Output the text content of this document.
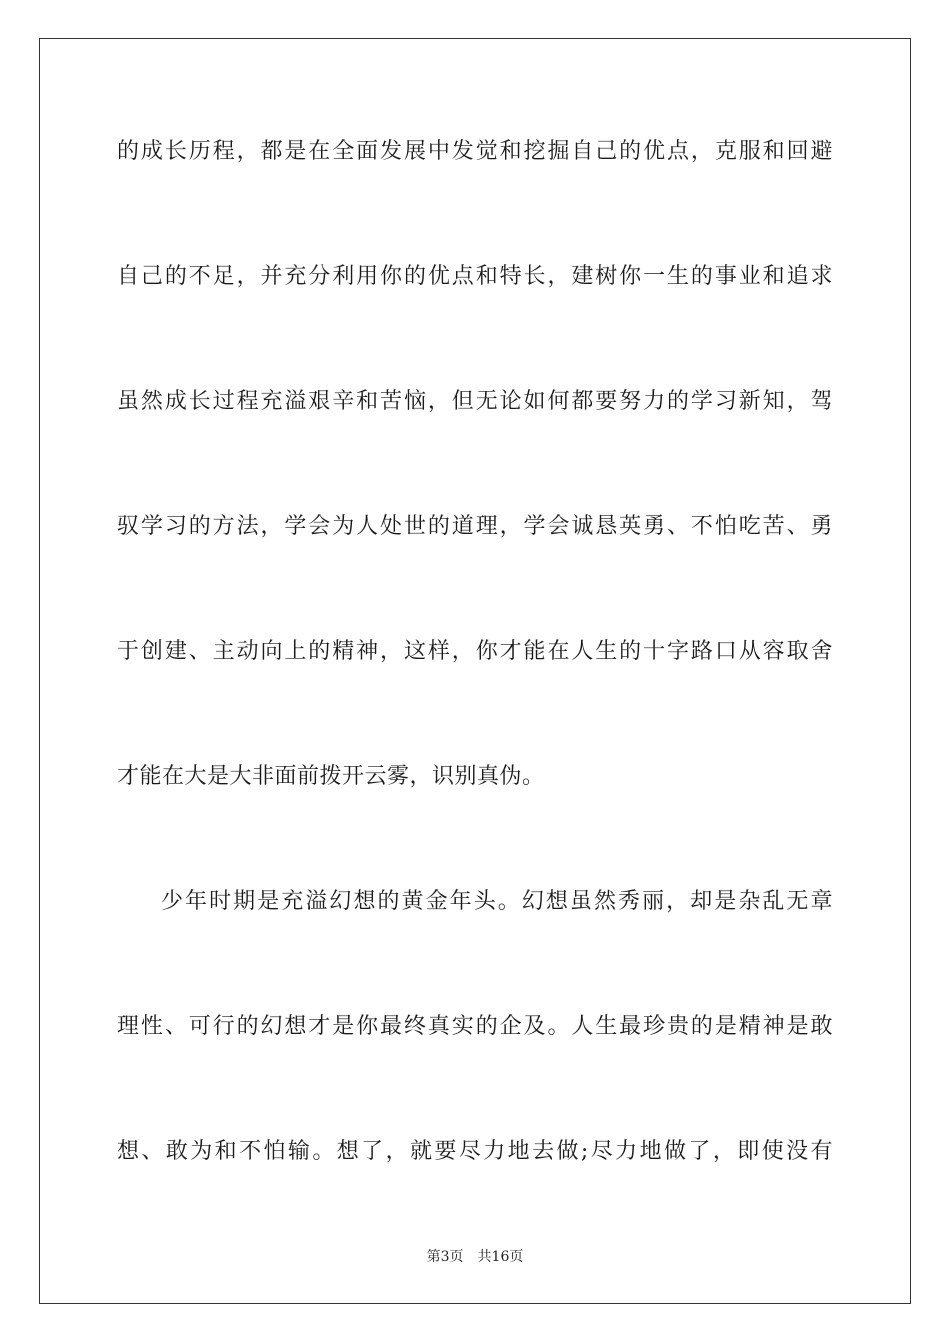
的成长历程，都是在全面发展中发觉和挖掘自己的优点，克服和回避
自己的不足，并充分利用你的优点和特长，建树你一生的事业和追求
虽然成长过程充溢艰辛和苦恼，但无论如何都要努力的学习新知，驾
驭学习的方法，学会为人处世的道理，学会诚恳英勇、不怕吃苦、勇
于创建、主动向上的精神，这样，你才能在人生的十字路口从容取舍
才能在大是大非面前拨开云雾，识别真伪。
少年时期是充溢幻想的黄金年头。幻想虽然秀丽，却是杂乱无章
理性、可行的幻想才是你最终真实的企及。人生最珍贵的是精神是敢
想、敢为和不怕输。想了，就要尽力地去做;尽力地做了，即使没有
第3页 共16页
